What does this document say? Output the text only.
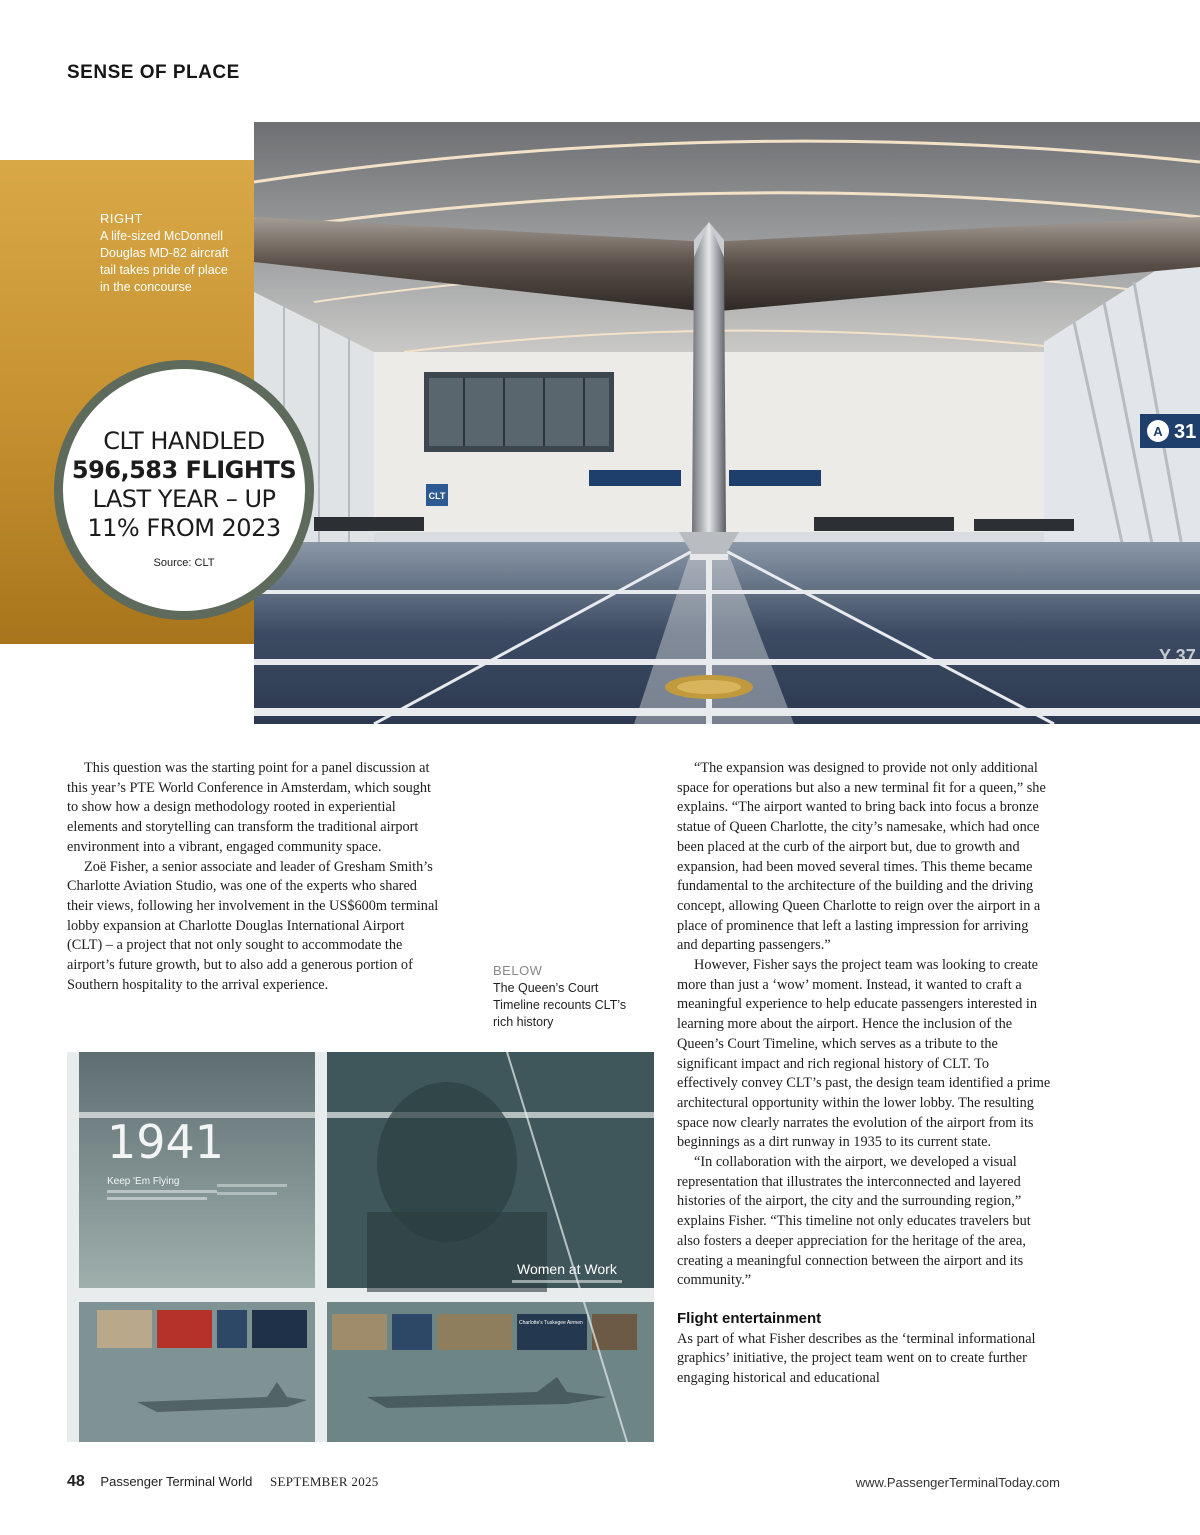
SENSE OF PLACE
RIGHT
A life-sized McDonnell Douglas MD-82 aircraft tail takes pride of place in the concourse
A 31
CLT
Y 37
CLT HANDLED
596,583 FLIGHTS
LAST YEAR – UP
11% FROM 2023
Source: CLT

This question was the starting point for a panel discussion at this year’s PTE World Conference in Amsterdam, which sought to show how a design methodology rooted in experiential elements and storytelling can transform the traditional airport environment into a vibrant, engaged community space.

Zoë Fisher, a senior associate and leader of Gresham Smith’s Charlotte Aviation Studio, was one of the experts who shared their views, following her involvement in the US$600m terminal lobby expansion at Charlotte Douglas International Airport (CLT) – a project that not only sought to accommodate the airport’s future growth, but to also add a generous portion of Southern hospitality to the arrival experience.

BELOW
The Queen’s Court Timeline recounts CLT’s rich history
1941
Keep 'Em Flying
Women at Work
Charlotte's Tuskegee Airmen

“The expansion was designed to provide not only additional space for operations but also a new terminal fit for a queen,” she explains. “The airport wanted to bring back into focus a bronze statue of Queen Charlotte, the city’s namesake, which had once been placed at the curb of the airport but, due to growth and expansion, had been moved several times. This theme became fundamental to the architecture of the building and the driving concept, allowing Queen Charlotte to reign over the airport in a place of prominence that left a lasting impression for arriving and departing passengers.”

However, Fisher says the project team was looking to create more than just a ‘wow’ moment. Instead, it wanted to craft a meaningful experience to help educate passengers interested in learning more about the airport. Hence the inclusion of the Queen’s Court Timeline, which serves as a tribute to the significant impact and rich regional history of CLT. To effectively convey CLT’s past, the design team identified a prime architectural opportunity within the lower lobby. The resulting space now clearly narrates the evolution of the airport from its beginnings as a dirt runway in 1935 to its current state.

“In collaboration with the airport, we developed a visual representation that illustrates the interconnected and layered histories of the airport, the city and the surrounding region,” explains Fisher. “This timeline not only educates travelers but also fosters a deeper appreciation for the heritage of the area, creating a meaningful connection between the airport and its community.”

Flight entertainment

As part of what Fisher describes as the ‘terminal informational graphics’ initiative, the project team went on to create further engaging historical and educational

48 Passenger Terminal World SEPTEMBER 2025	www.PassengerTerminalToday.com
